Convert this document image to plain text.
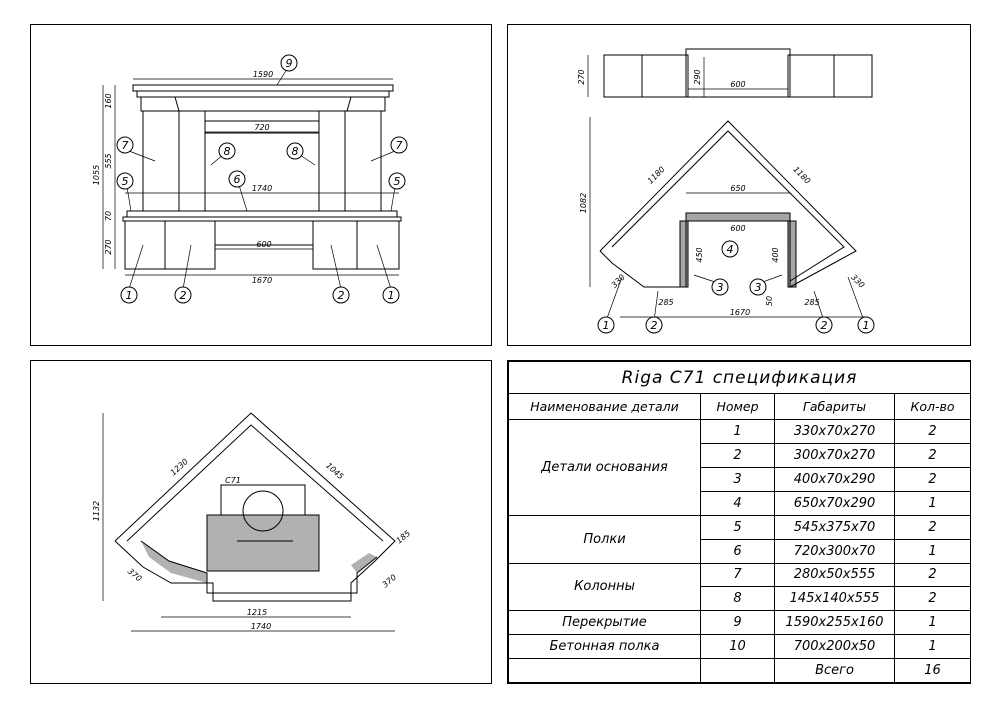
9
7	7
8	8
5	5
6
1	2	2	1
1590
720
1740
600
1670
160
555
1055
70
270	4
3	3
1	2	2	1
270	290	600
1082
1180	1180
650
600
450	400
330	330
285	285
50
1670
C71
1230	1045
1132
370	370
185
1215
1740
Riga C71 спецификация			
Наименование детали	Номер	Габариты	Кол-во
Детали основания	1	330x70x270	2
	2	300x70x270	2
	3	400x70x290	2
	4	650x70x290	1
Полки	5	545x375x70	2
	6	720x300x70	1
Колонны	7	280x50x555	2
	8	145x140x555	2
Перекрытие	9	1590x255x160	1
Бетонная полка	10	700x200x50	1
		Всего	16
